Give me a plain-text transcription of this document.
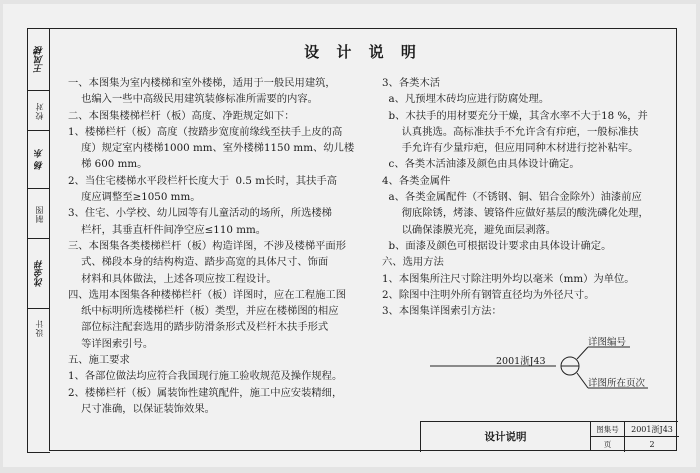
王凤楼
校对
杨 东
制图
沈金祥
设计
设 计 说 明

一、本图集为室内楼梯和室外楼梯，适用于一般民用建筑，

也编入一些中高级民用建筑装修标准所需要的内容。

二、本图集楼梯栏杆（板）高度、净距规定如下：

1、楼梯栏杆（板）高度（按踏步宽度前缘线至扶手上皮的高

度）规定室内楼梯1000 mm、室外楼梯1150 mm、幼儿楼

梯 600 mm。

2、当住宅楼梯水平段栏杆长度大于  0.5 m长时，其扶手高

度应调整至≥1050 mm。

3、住宅、小学校、幼儿园等有儿童活动的场所，所选楼梯

栏杆，其垂直杆件间净空应≤110 mm。

三、本图集各类楼梯栏杆（板）构造详图，不涉及楼梯平面形

式、梯段本身的结构构造、踏步高宽的具体尺寸、饰面

材料和具体做法，上述各项应按工程设计。

四、选用本图集各种楼梯栏杆（板）详图时，应在工程施工图

纸中标明所选楼梯栏杆（板）类型，并应在楼梯图的相应

部位标注配套选用的踏步防滑条形式及栏杆木扶手形式

等详图索引号。

五、施工要求

1、各部位做法均应符合我国现行施工验收规范及操作规程。

2、楼梯栏杆（板）属装饰性建筑配件，施工中应安装精细，

尺寸准确，以保证装饰效果。

3、各类木活

a、凡预埋木砖均应进行防腐处理。

b、木扶手的用材要充分干燥，其含水率不大于18 %，并

认真挑选。高标准扶手不允许含有疖疤，一般标准扶

手允许有少量疖疤，但应用同种木材进行挖补粘牢。

c、各类木活油漆及颜色由具体设计确定。

4、各类金属件

a、各类金属配件（不锈钢、铜、铝合金除外）油漆前应

彻底除锈，烤漆、镀铬件应做好基层的酸洗磷化处理，

以确保漆膜光亮，避免面层剥落。

b、面漆及颜色可根据设计要求由具体设计确定。

六、选用方法

1、本图集所注尺寸除注明外均以毫米（mm）为单位。

2、除图中注明外所有钢管直径均为外径尺寸。

3、本图集详图索引方法：

2001浙J43
详图编号
详图所在页次
设计说明
图集号	2001浙J43
页	2
